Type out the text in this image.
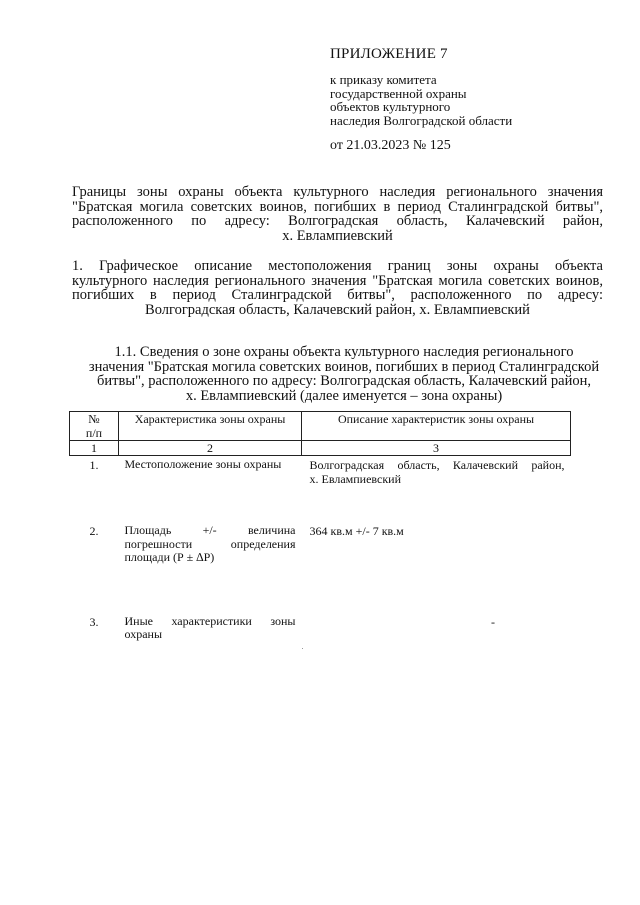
ПРИЛОЖЕНИЕ 7
к приказу комитета
государственной охраны
объектов культурного
наследия Волгоградской области
от 21.03.2023 № 125
Границы зоны охраны объекта культурного наследия регионального значения
"Братская могила советских воинов, погибших в период Сталинградской битвы",
расположенного по адресу: Волгоградская область, Калачевский район,
х. Евлампиевский
1. Графическое описание местоположения границ зоны охраны объекта
культурного наследия регионального значения "Братская могила советских воинов,
погибших в период Сталинградской битвы", расположенного по адресу:
Волгоградская область, Калачевский район, х. Евлампиевский
1.1. Сведения о зоне охраны объекта культурного наследия регионального
значения "Братская могила советских воинов, погибших в период Сталинградской
битвы", расположенного по адресу: Волгоградская область, Калачевский район,
х. Евлампиевский (далее именуется – зона охраны)
№
п/п	Характеристика зоны охраны	Описание характеристик зоны охраны
1	2	3
1.	Местоположение зоны охраны	Волгоградская область, Калачевский район,
х. Евлампиевский

2.	Площадь +/- величина
погрешности определения
площади (Р ± ∆Р)	364 кв.м +/- 7 кв.м

3.	Иные характеристики зоны
охраны	-
